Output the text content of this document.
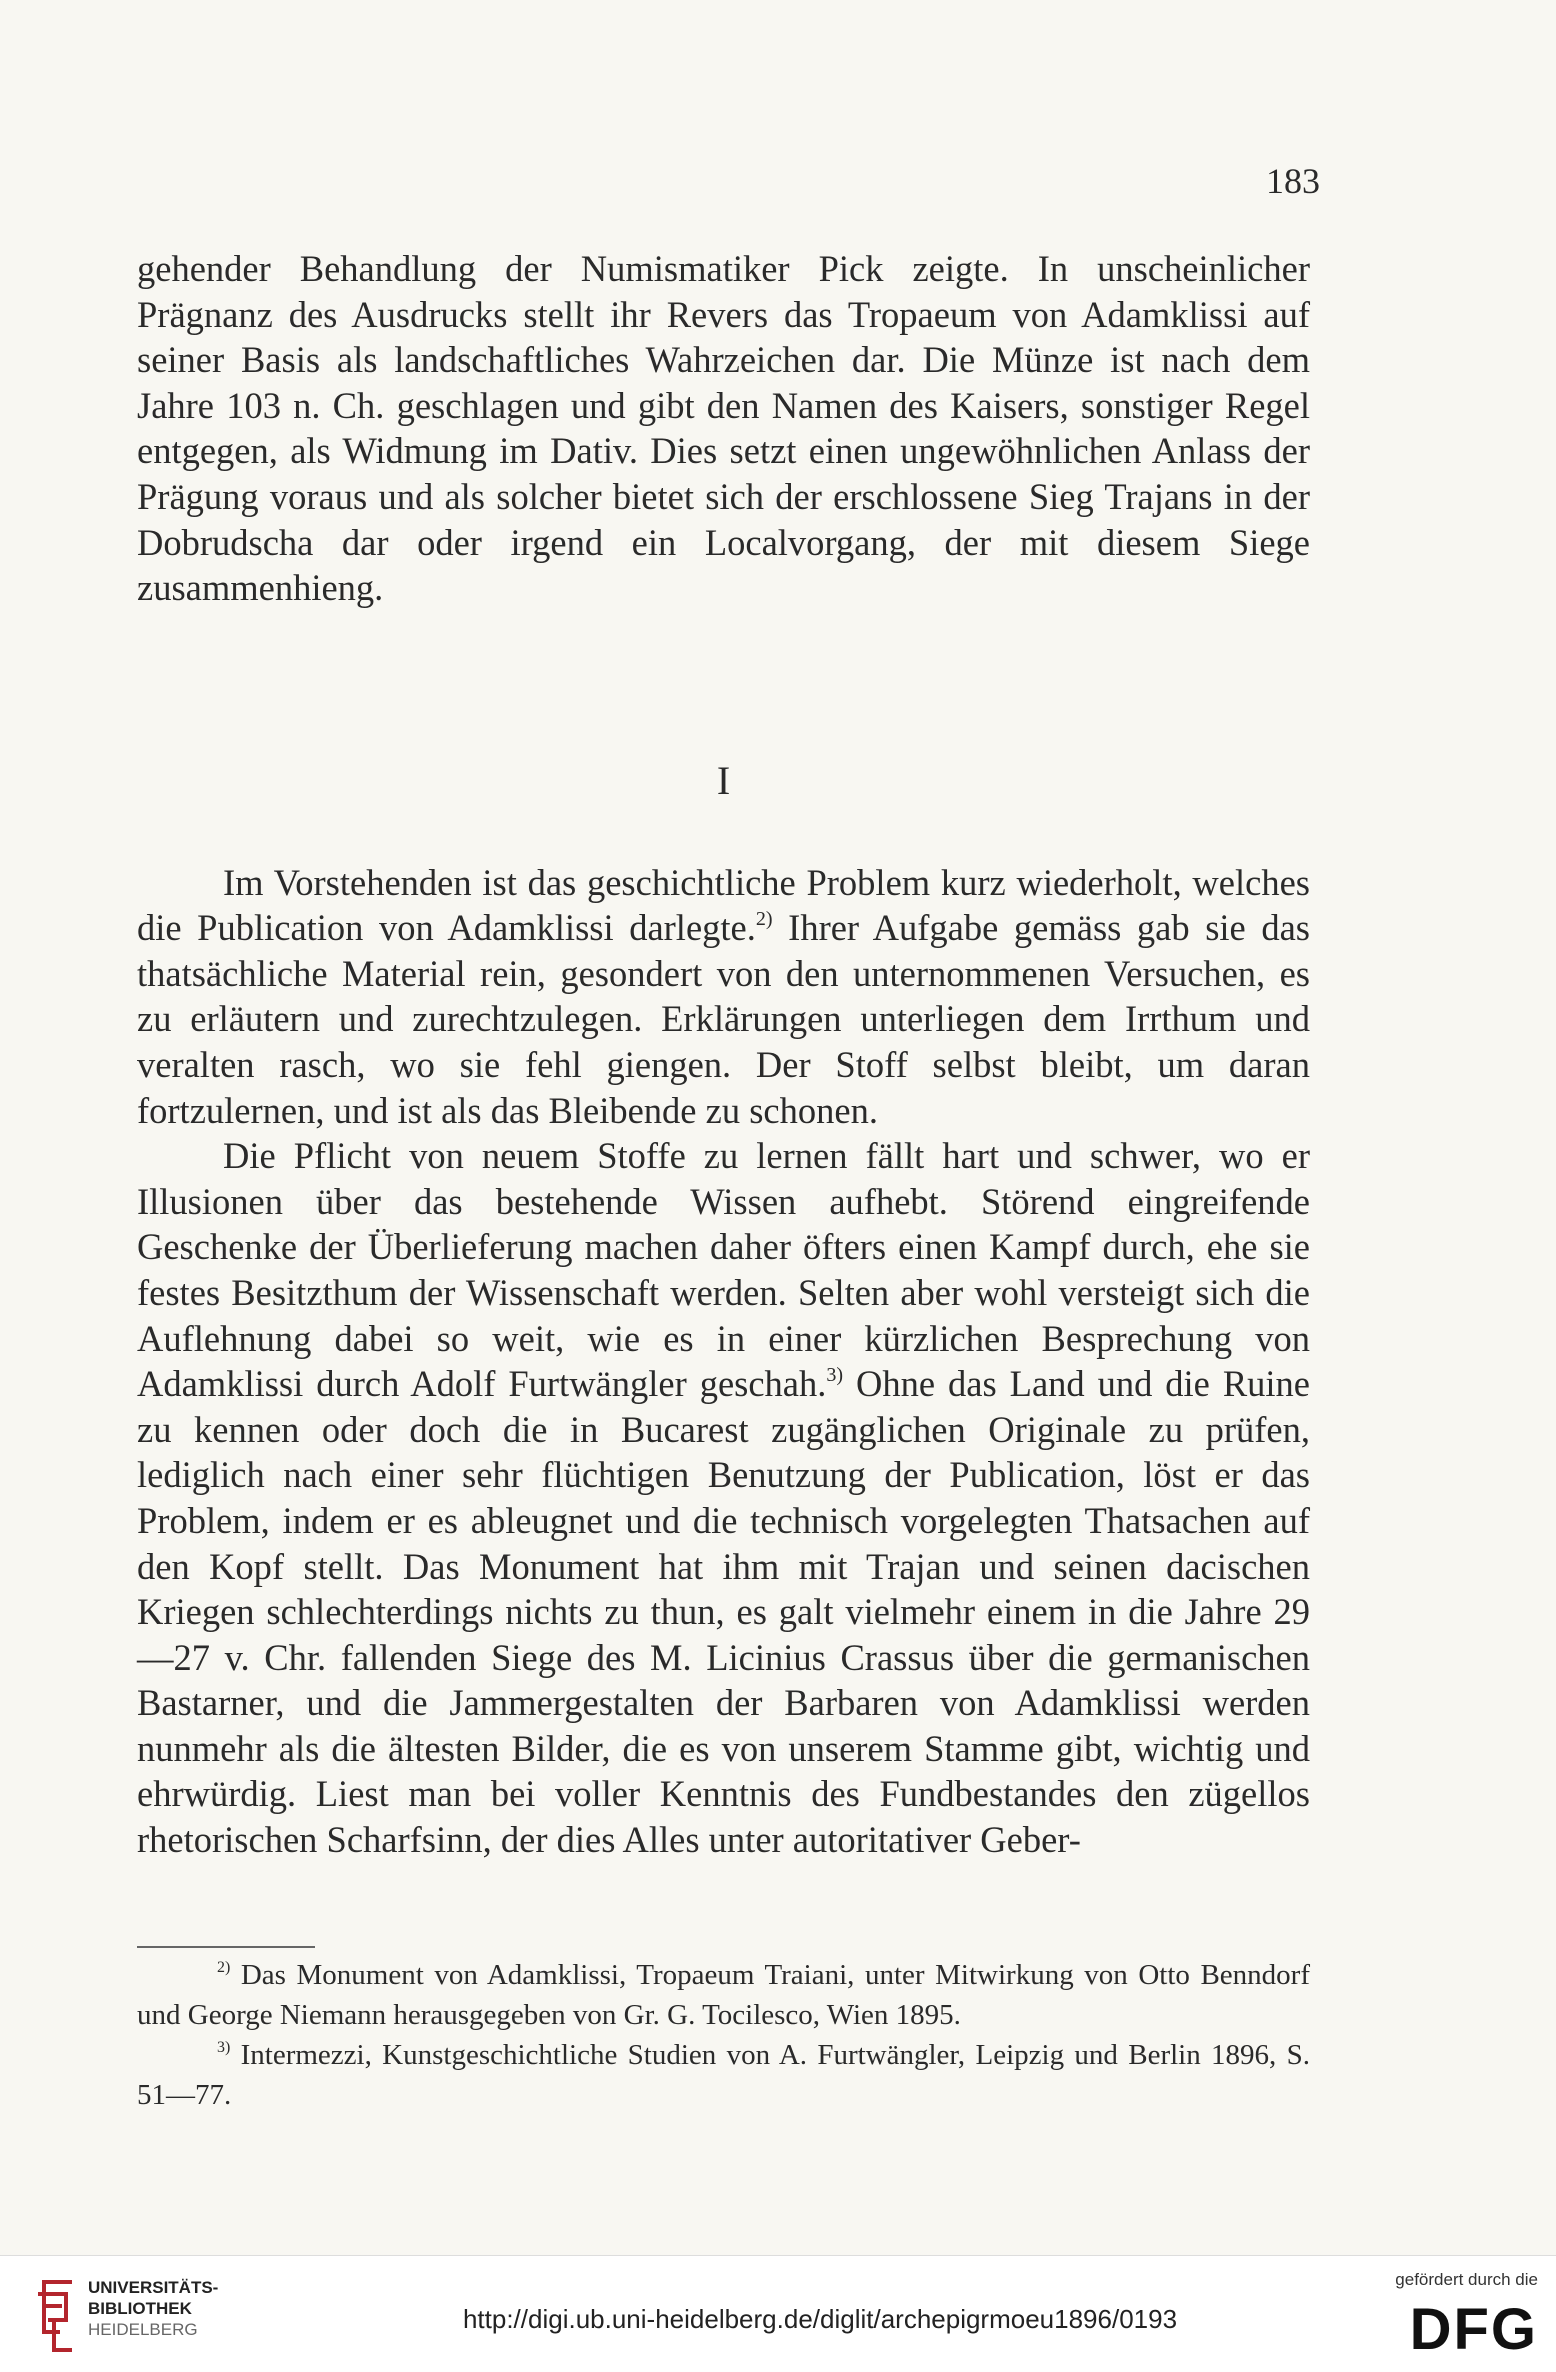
183

gehender Behandlung der Numismatiker Pick zeigte. In unscheinlicher Prägnanz des Ausdrucks stellt ihr Revers das Tropaeum von Adamklissi auf seiner Basis als landschaftliches Wahrzeichen dar. Die Münze ist nach dem Jahre 103 n. Ch. geschlagen und gibt den Namen des Kaisers, sonstiger Regel entgegen, als Widmung im Dativ. Dies setzt einen ungewöhnlichen Anlass der Prägung voraus und als solcher bietet sich der erschlossene Sieg Trajans in der Dobrudscha dar oder irgend ein Localvorgang, der mit diesem Siege zusammenhieng.

I

Im Vorstehenden ist das geschichtliche Problem kurz wiederholt, welches die Publication von Adamklissi darlegte.$^{2)}$ Ihrer Aufgabe gemäss gab sie das thatsächliche Material rein, gesondert von den unternommenen Versuchen, es zu erläutern und zurechtzulegen. Erklärungen unterliegen dem Irrthum und veralten rasch, wo sie fehl giengen. Der Stoff selbst bleibt, um daran fortzulernen, und ist als das Bleibende zu schonen.

Die Pflicht von neuem Stoffe zu lernen fällt hart und schwer, wo er Illusionen über das bestehende Wissen aufhebt. Störend eingreifende Geschenke der Überlieferung machen daher öfters einen Kampf durch, ehe sie festes Besitzthum der Wissenschaft werden. Selten aber wohl versteigt sich die Auflehnung dabei so weit, wie es in einer kürzlichen Besprechung von Adamklissi durch Adolf Furtwängler geschah.$^{3)}$ Ohne das Land und die Ruine zu kennen oder doch die in Bucarest zugänglichen Originale zu prüfen, lediglich nach einer sehr flüchtigen Benutzung der Publication, löst er das Problem, indem er es ableugnet und die technisch vorgelegten Thatsachen auf den Kopf stellt. Das Monument hat ihm mit Trajan und seinen dacischen Kriegen schlechterdings nichts zu thun, es galt vielmehr einem in die Jahre 29—27 v. Chr. fallenden Siege des M. Licinius Crassus über die germanischen Bastarner, und die Jammergestalten der Barbaren von Adamklissi werden nunmehr als die ältesten Bilder, die es von unserem Stamme gibt, wichtig und ehrwürdig. Liest man bei voller Kenntnis des Fundbestandes den zügellos rhetorischen Scharfsinn, der dies Alles unter autoritativer Geber-

$^{2)}$ Das Monument von Adamklissi, Tropaeum Traiani, unter Mitwirkung von Otto Benndorf und George Niemann herausgegeben von Gr. G. Tocilesco, Wien 1895.

$^{3)}$ Intermezzi, Kunstgeschichtliche Studien von A. Furtwängler, Leipzig und Berlin 1896, S. 51—77.

UNIVERSITÄTS-
BIBLIOTHEK
HEIDELBERG	http://digi.ub.uni-heidelberg.de/diglit/archepigrmoeu1896/0193
gefördert durch die
DFG
